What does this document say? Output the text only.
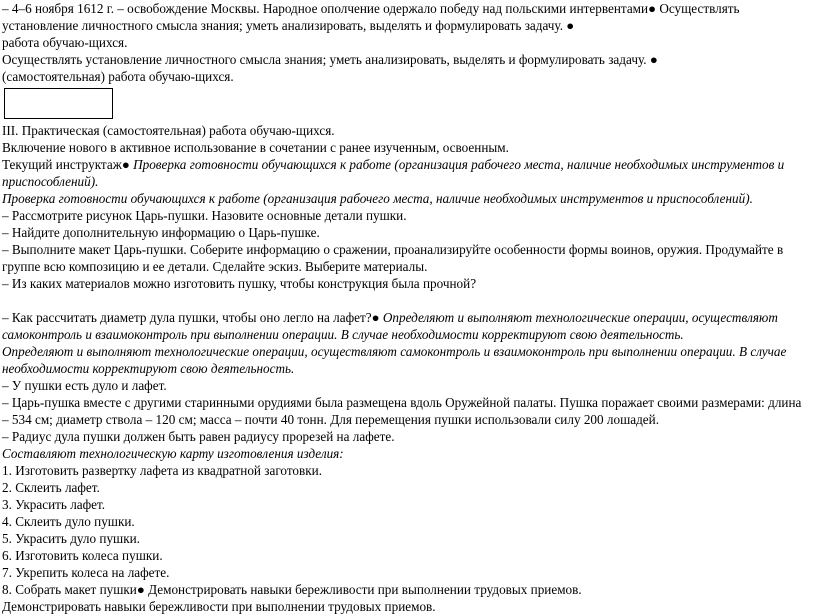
– 4–6 ноября 1612 г. – освобождение Москвы. Народное ополчение одержало победу над польскими интервентами● Осуществлять установление личностного смысла знания; уметь анализировать, выделять и формулировать задачу. ●

работа обучаю-щихся.

Осуществлять установление личностного смысла знания; уметь анализировать, выделять и формулировать задачу. ●

(самостоятельная) работа обучаю-щихся.

III. Практическая (самостоятельная) работа обучаю-щихся.

Включение нового в активное использование в сочетании с ранее изученным, освоенным.

Текущий инструктаж● Проверка готовности обучающихся к работе (организация рабочего места, наличие необходимых инструментов и приспособлений).

Проверка готовности обучающихся к работе (организация рабочего места, наличие необходимых инструментов и приспособлений).

– Рассмотрите рисунок Царь-пушки. Назовите основные детали пушки.

– Найдите дополнительную информацию о Царь-пушке.

– Выполните макет Царь-пушки. Соберите информацию о сражении, проанализируйте особенности формы воинов, оружия. Продумайте в группе всю композицию и ее детали. Сделайте эскиз. Выберите материалы.

– Из каких материалов можно изготовить пушку, чтобы конструкция была прочной?

– Как рассчитать диаметр дула пушки, чтобы оно легло на лафет?● Определяют и выполняют технологические операции, осуществляют самоконтроль и взаимоконтроль при выполнении операции. В случае необходимости корректируют свою деятельность.

Определяют и выполняют технологические операции, осуществляют самоконтроль и взаимоконтроль при выполнении операции. В случае необходимости корректируют свою деятельность.

– У пушки есть дуло и лафет.

– Царь-пушка вместе с другими старинными орудиями была размещена вдоль Оружейной палаты. Пушка поражает своими размерами: длина – 534 см; диаметр ствола – 120 см; масса – почти 40 тонн. Для перемещения пушки использовали силу 200 лошадей.

– Радиус дула пушки должен быть равен радиусу прорезей на лафете.

Составляют технологическую карту изготовления изделия:

1. Изготовить развертку лафета из квадратной заготовки.

2. Склеить лафет.

3. Украсить лафет.

4. Склеить дуло пушки.

5. Украсить дуло пушки.

6. Изготовить колеса пушки.

7. Укрепить колеса на лафете.

8. Собрать макет пушки● Демонстрировать навыки бережливости при выполнении трудовых приемов.

Демонстрировать навыки бережливости при выполнении трудовых приемов.
